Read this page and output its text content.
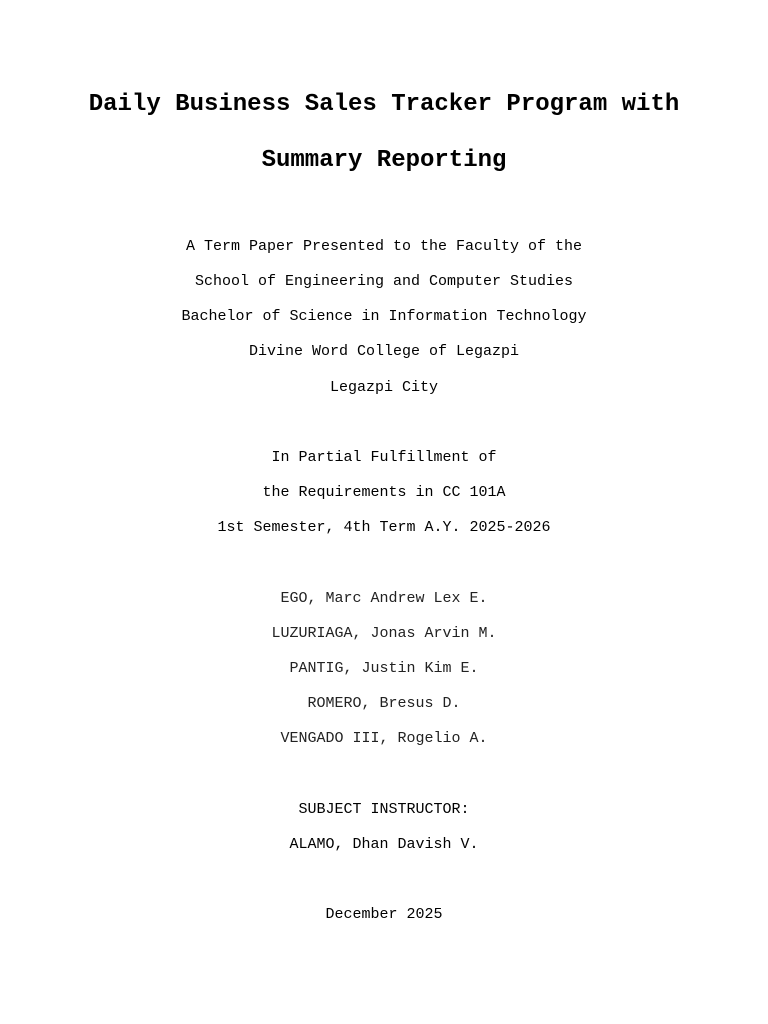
Daily Business Sales Tracker Program with
Summary Reporting

A Term Paper Presented to the Faculty of the

School of Engineering and Computer Studies

Bachelor of Science in Information Technology

Divine Word College of Legazpi

Legazpi City

In Partial Fulfillment of

the Requirements in CC 101A

1st Semester, 4th Term A.Y. 2025-2026

EGO, Marc Andrew Lex E.

LUZURIAGA, Jonas Arvin M.

PANTIG, Justin Kim E.

ROMERO, Bresus D.

VENGADO III, Rogelio A.

SUBJECT INSTRUCTOR:

ALAMO, Dhan Davish V.

December 2025
